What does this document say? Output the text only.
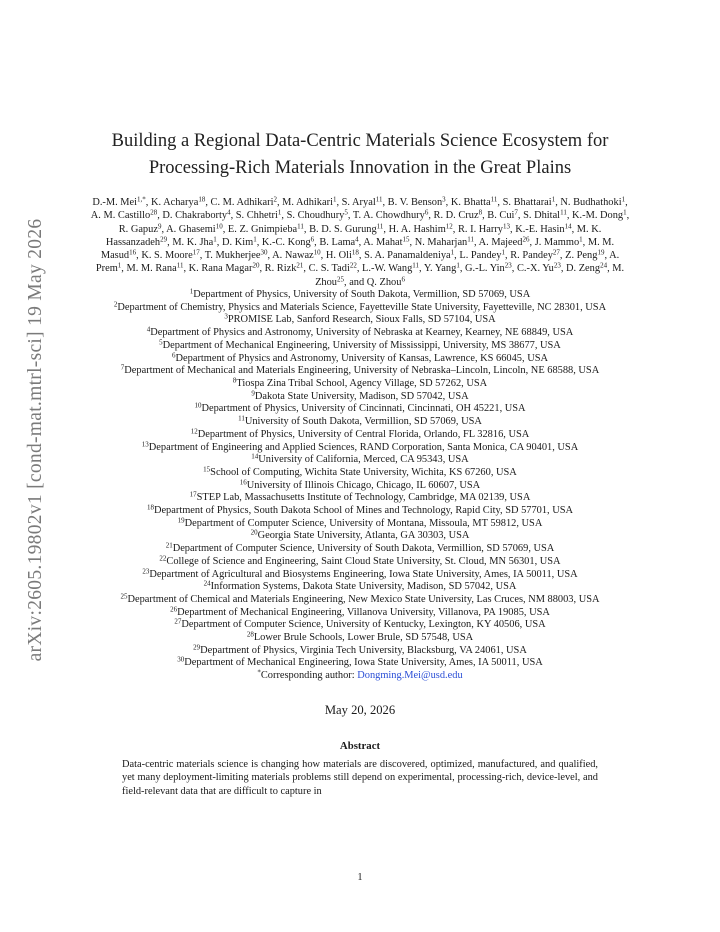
arXiv:2605.19802v1 [cond-mat.mtrl-sci] 19 May 2026
Building a Regional Data-Centric Materials Science Ecosystem for
Processing-Rich Materials Innovation in the Great Plains
D.-M. Mei$^{1,*}$, K. Acharya$^{18}$, C. M. Adhikari$^2$, M. Adhikari$^1$, S. Aryal$^{11}$, B. V. Benson$^3$, K. Bhatta$^{11}$, S. Bhattarai$^1$, N. Budhathoki$^1$, A. M. Castillo$^{28}$, D. Chakraborty$^4$, S. Chhetri$^1$, S. Choudhury$^5$, T. A. Chowdhury$^6$, R. D. Cruz$^8$, B. Cui$^7$, S. Dhital$^{11}$, K.-M. Dong$^1$, R. Gapuz$^9$, A. Ghasemi$^{10}$, E. Z. Gnimpieba$^{11}$, B. D. S. Gurung$^{11}$, H. A. Hashim$^{12}$, R. I. Harry$^{13}$, K.-E. Hasin$^{14}$, M. K. Hassanzadeh$^{29}$, M. K. Jha$^1$, D. Kim$^1$, K.-C. Kong$^6$, B. Lama$^4$, A. Mahat$^{15}$, N. Maharjan$^{11}$, A. Majeed$^{26}$, J. Mammo$^1$, M. M. Masud$^{16}$, K. S. Moore$^{17}$, T. Mukherjee$^{30}$, A. Nawaz$^{10}$, H. Oli$^{18}$, S. A. Panamaldeniya$^1$, L. Pandey$^1$, R. Pandey$^{27}$, Z. Peng$^{19}$, A. Prem$^1$, M. M. Rana$^{11}$, K. Rana Magar$^{20}$, R. Rizk$^{21}$, C. S. Tadi$^{22}$, L.-W. Wang$^{11}$, Y. Yang$^1$, G.-L. Yin$^{23}$, C.-X. Yu$^{23}$, D. Zeng$^{24}$, M. Zhou$^{25}$, and Q. Zhou$^6$
$^1$Department of Physics, University of South Dakota, Vermillion, SD 57069, USA
$^2$Department of Chemistry, Physics and Materials Science, Fayetteville State University, Fayetteville, NC 28301, USA
$^3$PROMISE Lab, Sanford Research, Sioux Falls, SD 57104, USA
$^4$Department of Physics and Astronomy, University of Nebraska at Kearney, Kearney, NE 68849, USA
$^5$Department of Mechanical Engineering, University of Mississippi, University, MS 38677, USA
$^6$Department of Physics and Astronomy, University of Kansas, Lawrence, KS 66045, USA
$^7$Department of Mechanical and Materials Engineering, University of Nebraska–Lincoln, Lincoln, NE 68588, USA
$^8$Tiospa Zina Tribal School, Agency Village, SD 57262, USA
$^9$Dakota State University, Madison, SD 57042, USA
$^{10}$Department of Physics, University of Cincinnati, Cincinnati, OH 45221, USA
$^{11}$University of South Dakota, Vermillion, SD 57069, USA
$^{12}$Department of Physics, University of Central Florida, Orlando, FL 32816, USA
$^{13}$Department of Engineering and Applied Sciences, RAND Corporation, Santa Monica, CA 90401, USA
$^{14}$University of California, Merced, CA 95343, USA
$^{15}$School of Computing, Wichita State University, Wichita, KS 67260, USA
$^{16}$University of Illinois Chicago, Chicago, IL 60607, USA
$^{17}$STEP Lab, Massachusetts Institute of Technology, Cambridge, MA 02139, USA
$^{18}$Department of Physics, South Dakota School of Mines and Technology, Rapid City, SD 57701, USA
$^{19}$Department of Computer Science, University of Montana, Missoula, MT 59812, USA
$^{20}$Georgia State University, Atlanta, GA 30303, USA
$^{21}$Department of Computer Science, University of South Dakota, Vermillion, SD 57069, USA
$^{22}$College of Science and Engineering, Saint Cloud State University, St. Cloud, MN 56301, USA
$^{23}$Department of Agricultural and Biosystems Engineering, Iowa State University, Ames, IA 50011, USA
$^{24}$Information Systems, Dakota State University, Madison, SD 57042, USA
$^{25}$Department of Chemical and Materials Engineering, New Mexico State University, Las Cruces, NM 88003, USA
$^{26}$Department of Mechanical Engineering, Villanova University, Villanova, PA 19085, USA
$^{27}$Department of Computer Science, University of Kentucky, Lexington, KY 40506, USA
$^{28}$Lower Brule Schools, Lower Brule, SD 57548, USA
$^{29}$Department of Physics, Virginia Tech University, Blacksburg, VA 24061, USA
$^{30}$Department of Mechanical Engineering, Iowa State University, Ames, IA 50011, USA
*Corresponding author: Dongming.Mei@usd.edu
May 20, 2026
Abstract
Data-centric materials science is changing how materials are discovered, optimized, manufactured, and qualified, yet many deployment-limiting materials problems still depend on experimental, processing-rich, device-level, and field-relevant data that are difficult to capture in
1
